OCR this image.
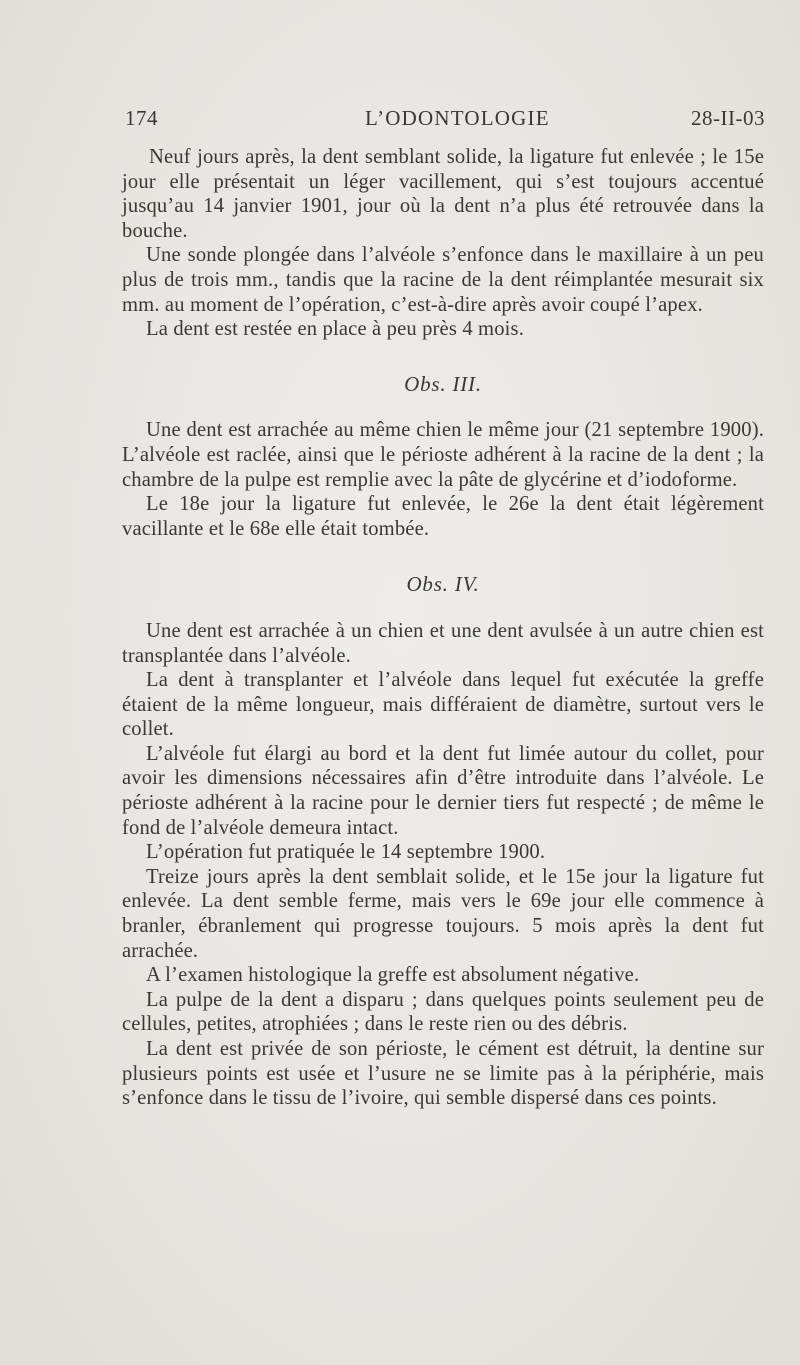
174	L’ODONTOLOGIE	28-II-03

Neuf jours après, la dent semblant solide, la ligature fut enlevée ; le 15e jour elle présentait un léger vacillement, qui s’est toujours accentué jusqu’au 14 janvier 1901, jour où la dent n’a plus été retrouvée dans la bouche.

Une sonde plongée dans l’alvéole s’enfonce dans le maxillaire à un peu plus de trois mm., tandis que la racine de la dent réimplantée mesurait six mm. au moment de l’opération, c’est-à-dire après avoir coupé l’apex.

La dent est restée en place à peu près 4 mois.

Obs. III.

Une dent est arrachée au même chien le même jour (21 septembre 1900). L’alvéole est raclée, ainsi que le périoste adhérent à la racine de la dent ; la chambre de la pulpe est remplie avec la pâte de glycérine et d’iodoforme.

Le 18e jour la ligature fut enlevée, le 26e la dent était légèrement vacillante et le 68e elle était tombée.

Obs. IV.

Une dent est arrachée à un chien et une dent avulsée à un autre chien est transplantée dans l’alvéole.

La dent à transplanter et l’alvéole dans lequel fut exécutée la greffe étaient de la même longueur, mais différaient de diamètre, surtout vers le collet.

L’alvéole fut élargi au bord et la dent fut limée autour du collet, pour avoir les dimensions nécessaires afin d’être introduite dans l’alvéole. Le périoste adhérent à la racine pour le dernier tiers fut respecté ; de même le fond de l’alvéole demeura intact.

L’opération fut pratiquée le 14 septembre 1900.

Treize jours après la dent semblait solide, et le 15e jour la ligature fut enlevée. La dent semble ferme, mais vers le 69e jour elle commence à branler, ébranlement qui progresse toujours. 5 mois après la dent fut arrachée.

A l’examen histologique la greffe est absolument négative.

La pulpe de la dent a disparu ; dans quelques points seulement peu de cellules, petites, atrophiées ; dans le reste rien ou des débris.

La dent est privée de son périoste, le cément est détruit, la dentine sur plusieurs points est usée et l’usure ne se limite pas à la périphérie, mais s’enfonce dans le tissu de l’ivoire, qui semble dispersé dans ces points.
